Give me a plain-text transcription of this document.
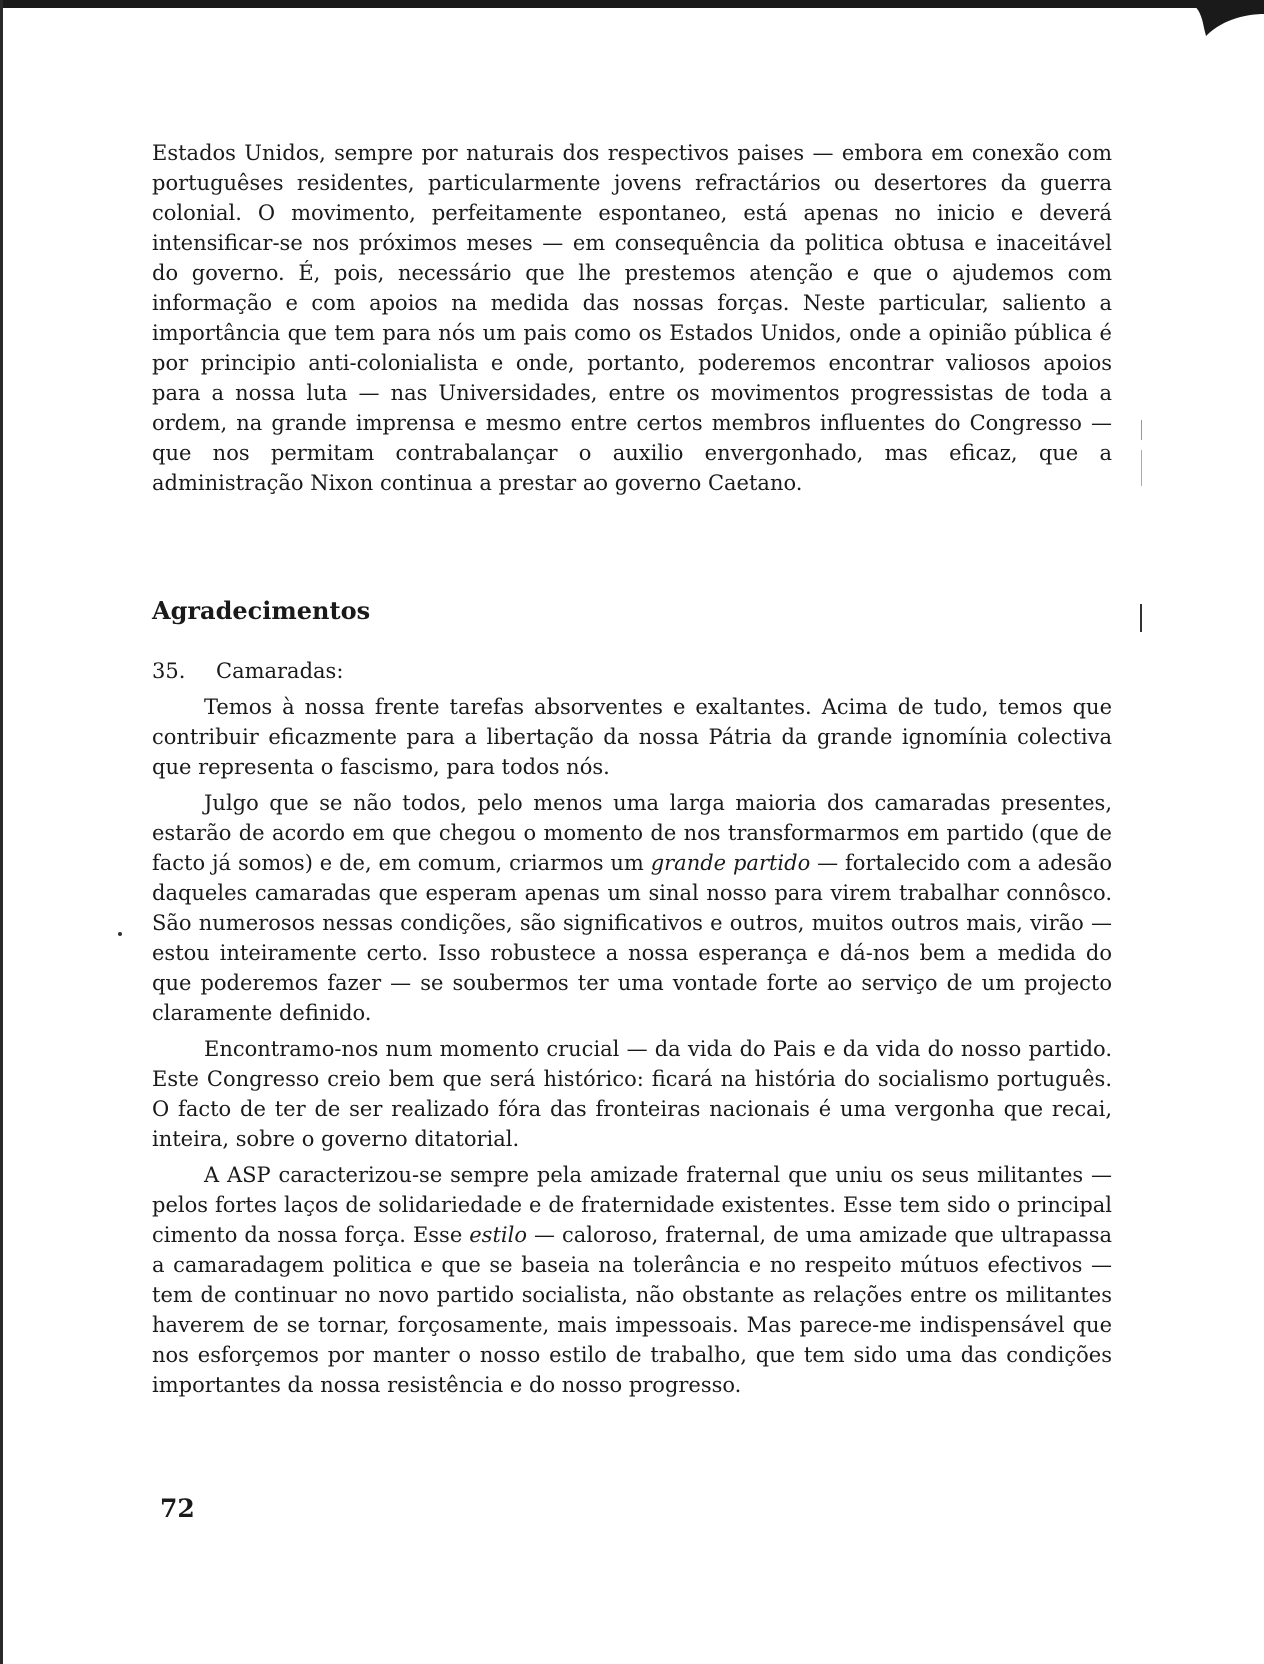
Estados Unidos, sempre por naturais dos respectivos paises — embora em conexão com portuguêses residentes, particularmente jovens refractários ou desertores da guerra colonial. O movimento, perfeitamente espontaneo, está apenas no inicio e deverá intensificar-se nos próximos meses — em consequência da politica obtusa e inaceitável do governo. É, pois, necessário que lhe prestemos atenção e que o ajudemos com informação e com apoios na medida das nossas forças. Neste particular, saliento a importância que tem para nós um pais como os Estados Unidos, onde a opinião pública é por principio anti-colonialista e onde, portanto, poderemos encontrar valiosos apoios para a nossa luta — nas Universidades, entre os movimentos progressistas de toda a ordem, na grande imprensa e mesmo entre certos membros influentes do Congresso — que nos permitam contrabalançar o auxilio envergonhado, mas eficaz, que a administração Nixon continua a prestar ao governo Caetano.

Agradecimentos

35. Camaradas:

Temos à nossa frente tarefas absorventes e exaltantes. Acima de tudo, temos que contribuir eficazmente para a libertação da nossa Pátria da grande ignomínia colectiva que representa o fascismo, para todos nós.

Julgo que se não todos, pelo menos uma larga maioria dos camaradas presentes, estarão de acordo em que chegou o momento de nos transformarmos em partido (que de facto já somos) e de, em comum, criarmos um grande partido — fortalecido com a adesão daqueles camaradas que esperam apenas um sinal nosso para virem trabalhar connôsco. São numerosos nessas condições, são significativos e outros, muitos outros mais, virão — estou inteiramente certo. Isso robustece a nossa esperança e dá-nos bem a medida do que poderemos fazer — se soubermos ter uma vontade forte ao serviço de um projecto claramente definido.

Encontramo-nos num momento crucial — da vida do Pais e da vida do nosso partido. Este Congresso creio bem que será histórico: ficará na história do socialismo português. O facto de ter de ser realizado fóra das fronteiras nacionais é uma vergonha que recai, inteira, sobre o governo ditatorial.

A ASP caracterizou-se sempre pela amizade fraternal que uniu os seus militantes — pelos fortes laços de solidariedade e de fraternidade existentes. Esse tem sido o principal cimento da nossa força. Esse estilo — caloroso, fraternal, de uma amizade que ultrapassa a camaradagem politica e que se baseia na tolerância e no respeito mútuos efectivos — tem de continuar no novo partido socialista, não obstante as relações entre os militantes haverem de se tornar, forçosamente, mais impessoais. Mas parece-me indispensável que nos esforçemos por manter o nosso estilo de trabalho, que tem sido uma das condições importantes da nossa resistência e do nosso progresso.

72
